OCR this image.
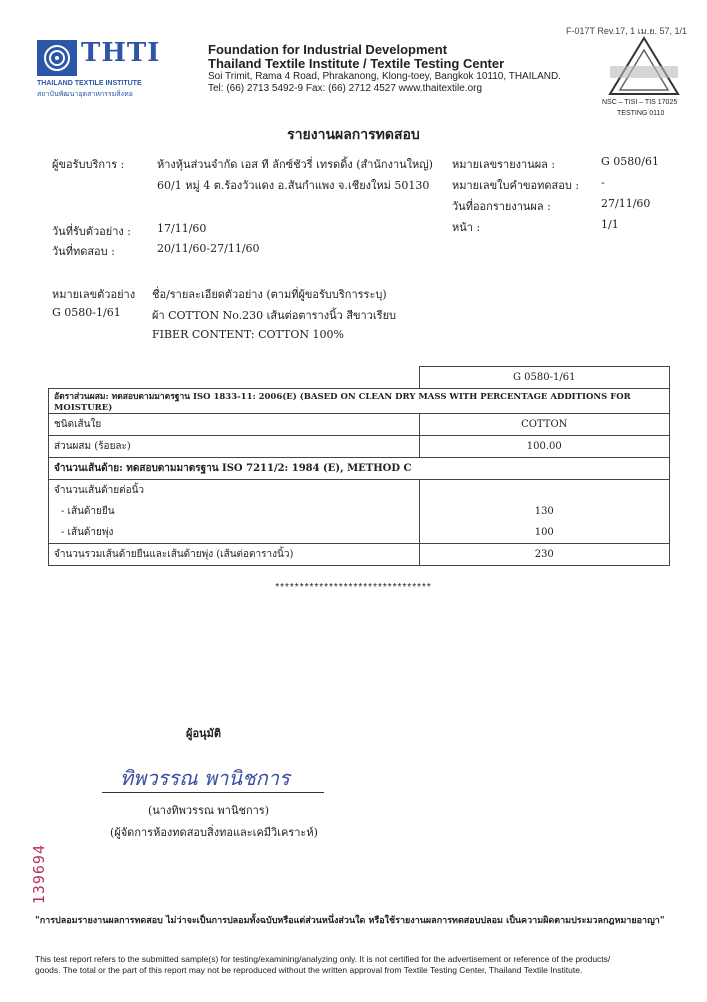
F-017T Rev.17, 1 เม.ย. 57, 1/1
THTI
THAILAND TEXTILE INSTITUTE
สถาบันพัฒนาอุตสาหกรรมสิ่งทอ
Foundation for Industrial Development
Thailand Textile Institute / Textile Testing Center
Soi Trimit, Rama 4 Road, Phrakanong, Klong-toey, Bangkok 10110, THAILAND.
Tel: (66) 2713 5492-9 Fax: (66) 2712 4527 www.thaitextile.org
NSC – TISI – TIS 17025
TESTING 0110
รายงานผลการทดสอบ
ผู้ขอรับบริการ :	ห้างหุ้นส่วนจำกัด เอส ที ลักซ์ชัวรี่ เทรดดิ้ง (สำนักงานใหญ่)
60/1 หมู่ 4 ต.ร้องวัวแดง อ.สันกำแพง จ.เชียงใหม่ 50130
หมายเลขรายงานผล :	G 0580/61
หมายเลขใบคำขอทดสอบ : -
วันที่ออกรายงานผล :	27/11/60
หน้า :	1/1
วันที่รับตัวอย่าง : 17/11/60
วันที่ทดสอบ :	20/11/60-27/11/60
หมายเลขตัวอย่าง ชื่อ/รายละเอียดตัวอย่าง (ตามที่ผู้ขอรับบริการระบุ)
G 0580-1/61	ผ้า COTTON No.230 เส้นต่อตารางนิ้ว สีขาวเรียบ
FIBER CONTENT: COTTON 100%
	G 0580-1/61
อัตราส่วนผสม: ทดสอบตามมาตรฐาน ISO 1833-11: 2006(E) (BASED ON CLEAN DRY MASS WITH PERCENTAGE ADDITIONS FOR MOISTURE)	
ชนิดเส้นใย	COTTON
ส่วนผสม (ร้อยละ)	100.00
จำนวนเส้นด้าย: ทดสอบตามมาตรฐาน ISO 7211/2: 1984 (E), METHOD C	
จำนวนเส้นด้ายต่อนิ้ว	
- เส้นด้ายยืน	130
- เส้นด้ายพุ่ง	100
จำนวนรวมเส้นด้ายยืนและเส้นด้ายพุ่ง (เส้นต่อตารางนิ้ว)	230
********************************
ผู้อนุมัติ
ทิพวรรณ พานิชการ
(นางทิพวรรณ พานิชการ)
(ผู้จัดการห้องทดสอบสิ่งทอและเคมีวิเคราะห์)
139694
"การปลอมรายงานผลการทดสอบ ไม่ว่าจะเป็นการปลอมทั้งฉบับหรือแต่ส่วนหนึ่งส่วนใด หรือใช้รายงานผลการทดสอบปลอม เป็นความผิดตามประมวลกฎหมายอาญา"
This test report refers to the submitted sample(s) for testing/examining/analyzing only. It is not certified for the advertisement or reference of the products/
goods. The total or the part of this report may not be reproduced without the written approval from Textile Testing Center, Thailand Textile Institute.
